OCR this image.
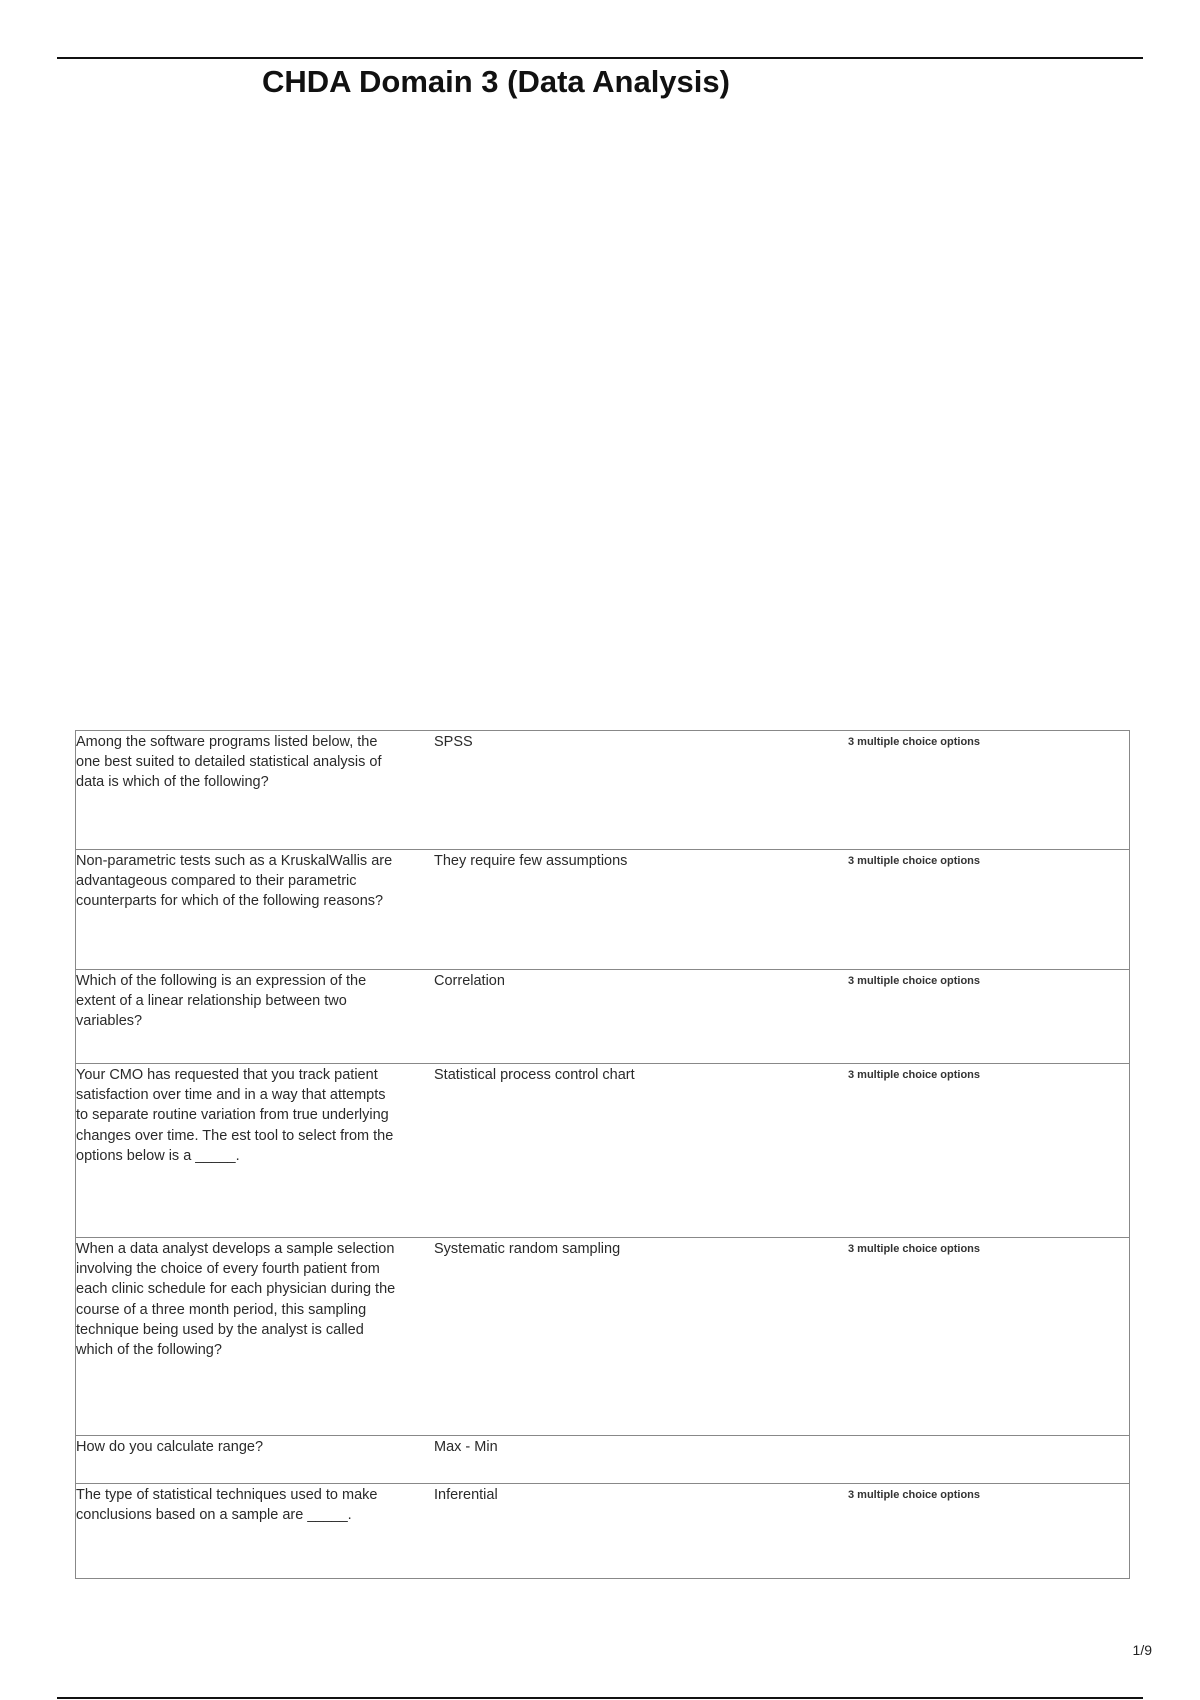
CHDA Domain 3 (Data Analysis)
Among the software programs listed below, the one best suited to detailed statistical analysis of data is which of the following?	SPSS	3 multiple choice options

Non-parametric tests such as a KruskalWallis are advantageous compared to their parametric counterparts for which of the following reasons?	They require few assumptions	3 multiple choice options

Which of the following is an expression of the extent of a linear relationship between two variables?	Correlation	3 multiple choice options

Your CMO has requested that you track patient satisfaction over time and in a way that attempts to separate routine variation from true underlying changes over time. The est tool to select from the options below is a _____.	Statistical process control chart	3 multiple choice options

When a data analyst develops a sample selection involving the choice of every fourth patient from each clinic schedule for each physician during the course of a three month period, this sampling technique being used by the analyst is called which of the following?	Systematic random sampling	3 multiple choice options

How do you calculate range?	Max - Min	

The type of statistical techniques used to make conclusions based on a sample are _____.	Inferential	3 multiple choice options
1/9
